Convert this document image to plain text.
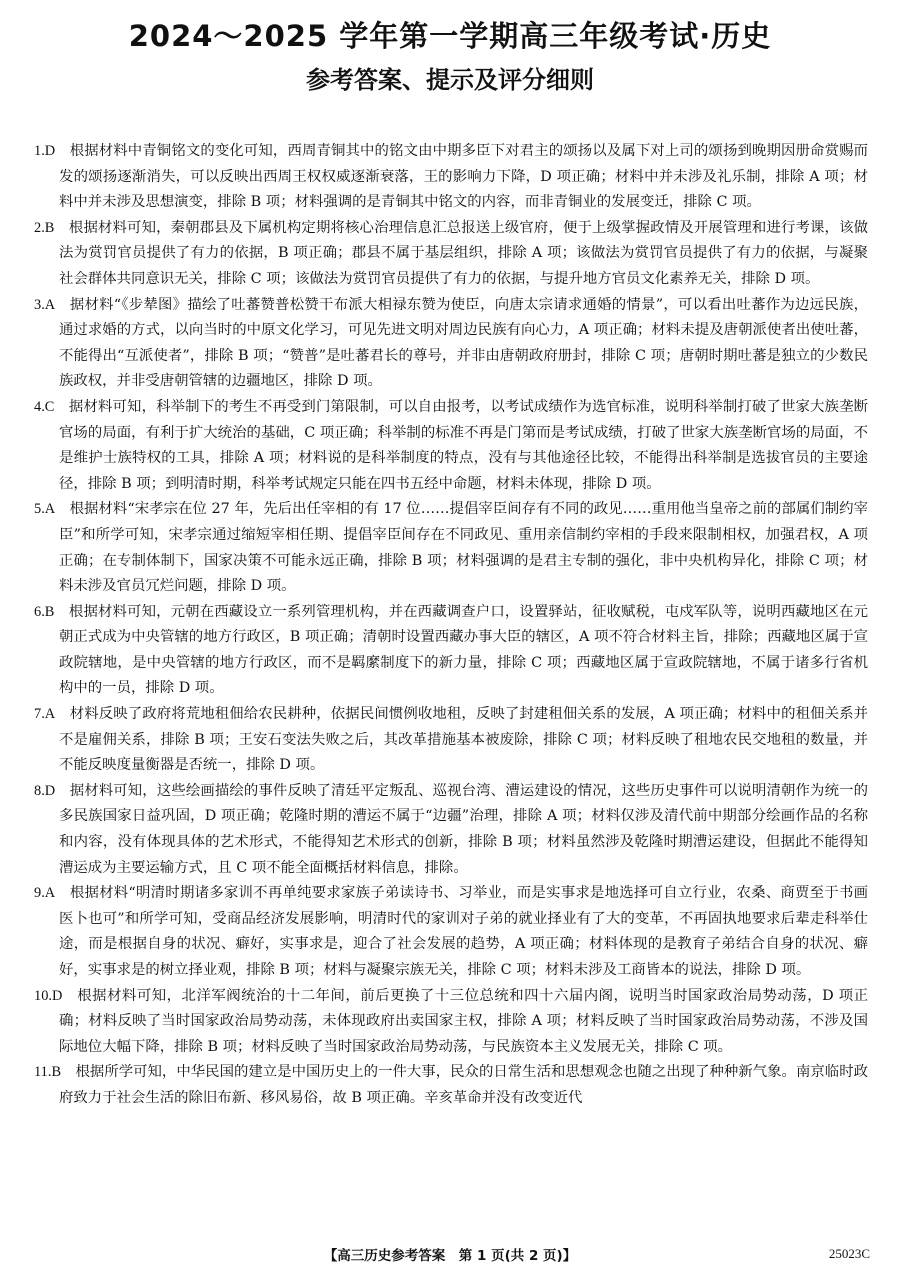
2024～2025 学年第一学期高三年级考试·历史
参考答案、提示及评分细则

1.D  根据材料中青铜铭文的变化可知，西周青铜其中的铭文由中期多臣下对君主的颂扬以及属下对上司的颂扬到晚期因册命赏赐而发的颂扬逐渐消失，可以反映出西周王权权威逐渐衰落，王的影响力下降，D 项正确；材料中并未涉及礼乐制，排除 A 项；材料中并未涉及思想演变，排除 B 项；材料强调的是青铜其中铭文的内容，而非青铜业的发展变迁，排除 C 项。

2.B  根据材料可知，秦朝郡县及下属机构定期将核心治理信息汇总报送上级官府，便于上级掌握政情及开展管理和进行考课，该做法为赏罚官员提供了有力的依据，B 项正确；郡县不属于基层组织，排除 A 项；该做法为赏罚官员提供了有力的依据，与凝聚社会群体共同意识无关，排除 C 项；该做法为赏罚官员提供了有力的依据，与提升地方官员文化素养无关，排除 D 项。

3.A  据材料“《步辇图》描绘了吐蕃赞普松赞干布派大相禄东赞为使臣，向唐太宗请求通婚的情景”，可以看出吐蕃作为边远民族，通过求婚的方式，以向当时的中原文化学习，可见先进文明对周边民族有向心力，A 项正确；材料未提及唐朝派使者出使吐蕃，不能得出“互派使者”，排除 B 项；“赞普”是吐蕃君长的尊号，并非由唐朝政府册封，排除 C 项；唐朝时期吐蕃是独立的少数民族政权，并非受唐朝管辖的边疆地区，排除 D 项。

4.C  据材料可知，科举制下的考生不再受到门第限制，可以自由报考，以考试成绩作为选官标准，说明科举制打破了世家大族垄断官场的局面，有利于扩大统治的基础，C 项正确；科举制的标准不再是门第而是考试成绩，打破了世家大族垄断官场的局面，不是维护士族特权的工具，排除 A 项；材料说的是科举制度的特点，没有与其他途径比较，不能得出科举制是选拔官员的主要途径，排除 B 项；到明清时期，科举考试规定只能在四书五经中命题，材料未体现，排除 D 项。

5.A  根据材料“宋孝宗在位 27 年，先后出任宰相的有 17 位……提倡宰臣间存有不同的政见……重用他当皇帝之前的部属们制约宰臣”和所学可知，宋孝宗通过缩短宰相任期、提倡宰臣间存在不同政见、重用亲信制约宰相的手段来限制相权，加强君权，A 项正确；在专制体制下，国家决策不可能永远正确，排除 B 项；材料强调的是君主专制的强化，非中央机构异化，排除 C 项；材料未涉及官员冗烂问题，排除 D 项。

6.B  根据材料可知，元朝在西藏设立一系列管理机构，并在西藏调查户口，设置驿站，征收赋税，屯戍军队等，说明西藏地区在元朝正式成为中央管辖的地方行政区，B 项正确；清朝时设置西藏办事大臣的辖区，A 项不符合材料主旨，排除；西藏地区属于宣政院辖地，是中央管辖的地方行政区，而不是羁縻制度下的新力量，排除 C 项；西藏地区属于宣政院辖地，不属于诸多行省机构中的一员，排除 D 项。

7.A  材料反映了政府将荒地租佃给农民耕种，依据民间惯例收地租，反映了封建租佃关系的发展，A 项正确；材料中的租佃关系并不是雇佣关系，排除 B 项；王安石变法失败之后，其改革措施基本被废除，排除 C 项；材料反映了租地农民交地租的数量，并不能反映度量衡器是否统一，排除 D 项。

8.D  据材料可知，这些绘画描绘的事件反映了清廷平定叛乱、巡视台湾、漕运建设的情况，这些历史事件可以说明清朝作为统一的多民族国家日益巩固，D 项正确；乾隆时期的漕运不属于“边疆”治理，排除 A 项；材料仅涉及清代前中期部分绘画作品的名称和内容，没有体现具体的艺术形式，不能得知艺术形式的创新，排除 B 项；材料虽然涉及乾隆时期漕运建设，但据此不能得知漕运成为主要运输方式，且 C 项不能全面概括材料信息，排除。

9.A  根据材料“明清时期诸多家训不再单纯要求家族子弟读诗书、习举业，而是实事求是地选择可自立行业，农桑、商贾至于书画医卜也可”和所学可知，受商品经济发展影响，明清时代的家训对子弟的就业择业有了大的变革，不再固执地要求后辈走科举仕途，而是根据自身的状况、癖好，实事求是，迎合了社会发展的趋势，A 项正确；材料体现的是教育子弟结合自身的状况、癖好，实事求是的树立择业观，排除 B 项；材料与凝聚宗族无关，排除 C 项；材料未涉及工商皆本的说法，排除 D 项。

10.D  根据材料可知，北洋军阀统治的十二年间，前后更换了十三位总统和四十六届内阁，说明当时国家政治局势动荡，D 项正确；材料反映了当时国家政治局势动荡，未体现政府出卖国家主权，排除 A 项；材料反映了当时国家政治局势动荡，不涉及国际地位大幅下降，排除 B 项；材料反映了当时国家政治局势动荡，与民族资本主义发展无关，排除 C 项。

11.B  根据所学可知，中华民国的建立是中国历史上的一件大事，民众的日常生活和思想观念也随之出现了种种新气象。南京临时政府致力于社会生活的除旧布新、移风易俗，故 B 项正确。辛亥革命并没有改变近代

【高三历史参考答案　第 1 页(共 2 页)】	25023C
